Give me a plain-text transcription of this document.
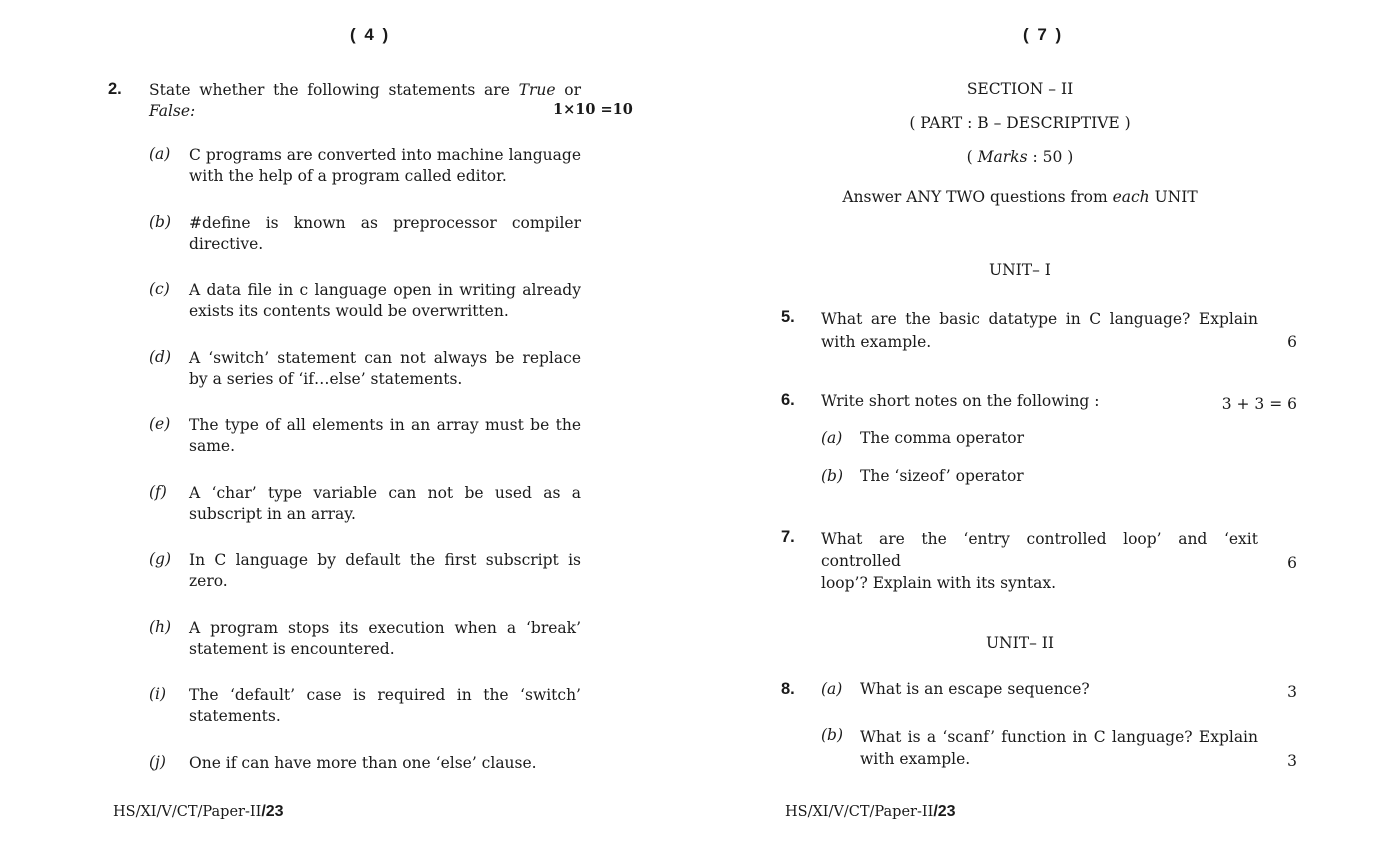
( 4 )
2. State whether the following statements are True or
False:	1×10 =10
(a) C programs are converted into machine language
with the help of a program called editor.
(b) #define is known as preprocessor compiler
directive.
(c) A data file in c language open in writing already
exists its contents would be overwritten.
(d) A ‘switch’ statement can not always be replace
by a series of ‘if…else’ statements.
(e) The type of all elements in an array must be the
same.
(f) A ‘char’ type variable can not be used as a
subscript in an array.
(g) In C language by default the first subscript is
zero.
(h) A program stops its execution when a ‘break’
statement is encountered.
(i) The ‘default’ case is required in the ‘switch’
statements.
(j) One if can have more than one ‘else’ clause.
HS/XI/V/CT/Paper-II/23
( 7 )
SECTION – II
( PART : B – DESCRIPTIVE )
( Marks : 50 )
Answer ANY TWO questions from each UNIT
UNIT– I
5. What are the basic datatype in C language? Explain
with example.	6
6. Write short notes on the following :	3 + 3 = 6
(a) The comma operator
(b) The ‘sizeof’ operator
7. What are the ‘entry controlled loop’ and ‘exit controlled
loop’? Explain with its syntax.
6
UNIT– II
8. (a) What is an escape sequence?	3
(b) What is a ‘scanf’ function in C language? Explain
with example.	3
HS/XI/V/CT/Paper-II/23
